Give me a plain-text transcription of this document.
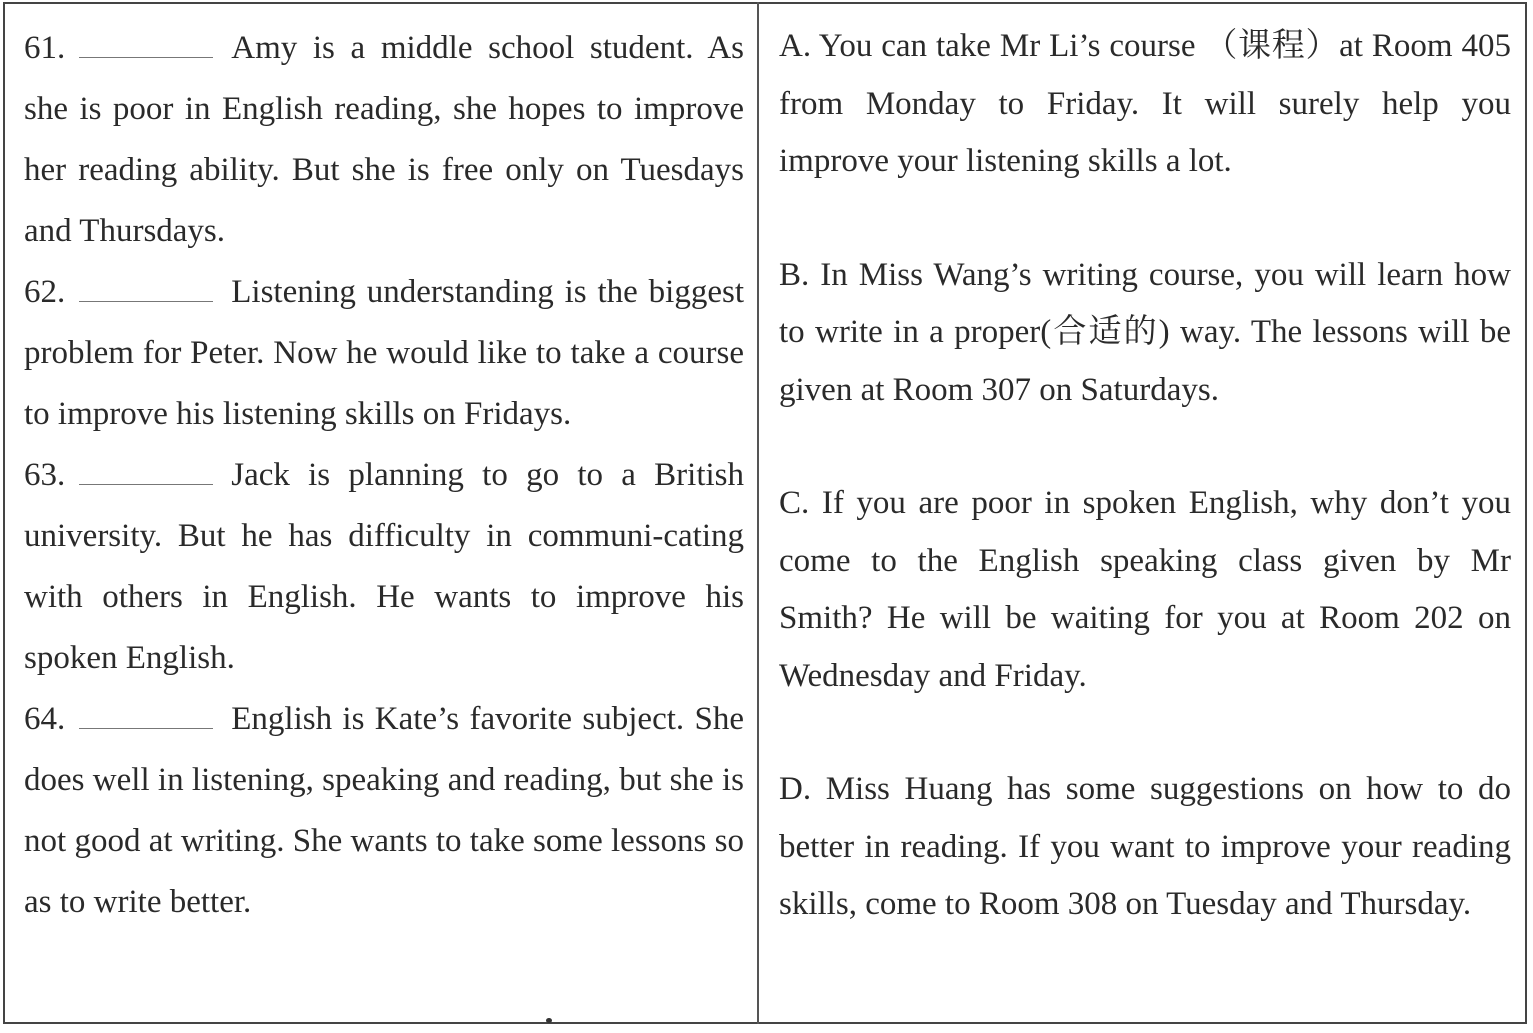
61.	Amy is a middle school student. As she is poor in English reading, she hopes to improve her reading ability. But she is free only on Tuesdays and Thursdays.
62.	Listening understanding is the biggest problem for Peter. Now he would like to take a course to improve his listening skills on Fridays.
63.	Jack is planning to go to a British university. But he has difficulty in communi-cating with others in English. He wants to improve his spoken English.
64.	English is Kate’s favorite subject. She does well in listening, speaking and reading, but she is not good at writing. She wants to take some lessons so as to write better.
A. You can take Mr Li’s course （课程）at Room 405 from Monday to Friday. It will surely help you improve your listening skills a lot.
B. In Miss Wang’s writing course, you will learn how to write in a proper(合适的) way. The lessons will be given at Room 307 on Saturdays.
C. If you are poor in spoken English, why don’t you come to the English speaking class given by Mr Smith? He will be waiting for you at Room 202 on Wednesday and Friday.
D. Miss Huang has some suggestions on how to do better in reading. If you want to improve your reading skills, come to Room 308 on Tuesday and Thursday.
